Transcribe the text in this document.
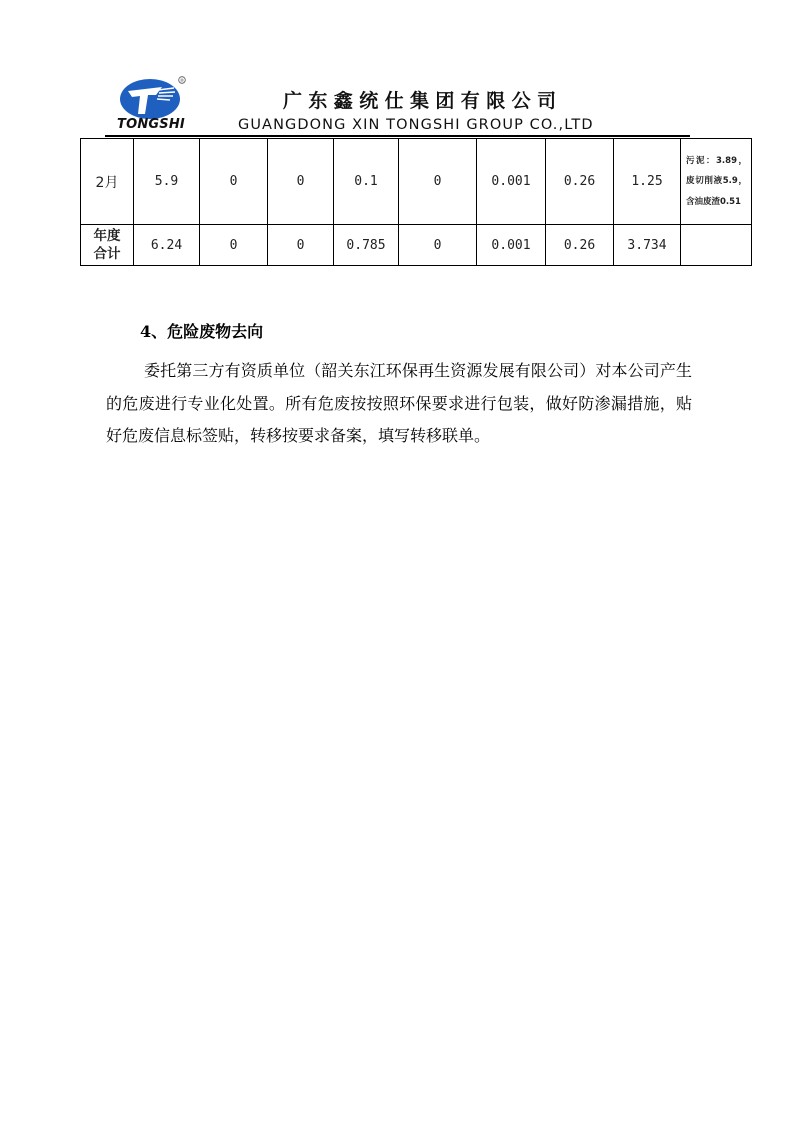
®
TONGSHI
广东鑫统仕集团有限公司
GUANGDONG XIN TONGSHI GROUP CO.,LTD
2月	5.9	0	0	0.1	0	0.001	0.26	1.25	污泥：3.89，废切削液5.9，含油废渣0.51

年度
合计	6.24	0	0	0.785	0	0.001	0.26	3.734	
4、危险废物去向
委托第三方有资质单位（韶关东江环保再生资源发展有限公司）对本公司产生的危废进行专业化处置。所有危废按按照环保要求进行包装，做好防渗漏措施，贴好危废信息标签贴，转移按要求备案，填写转移联单。
